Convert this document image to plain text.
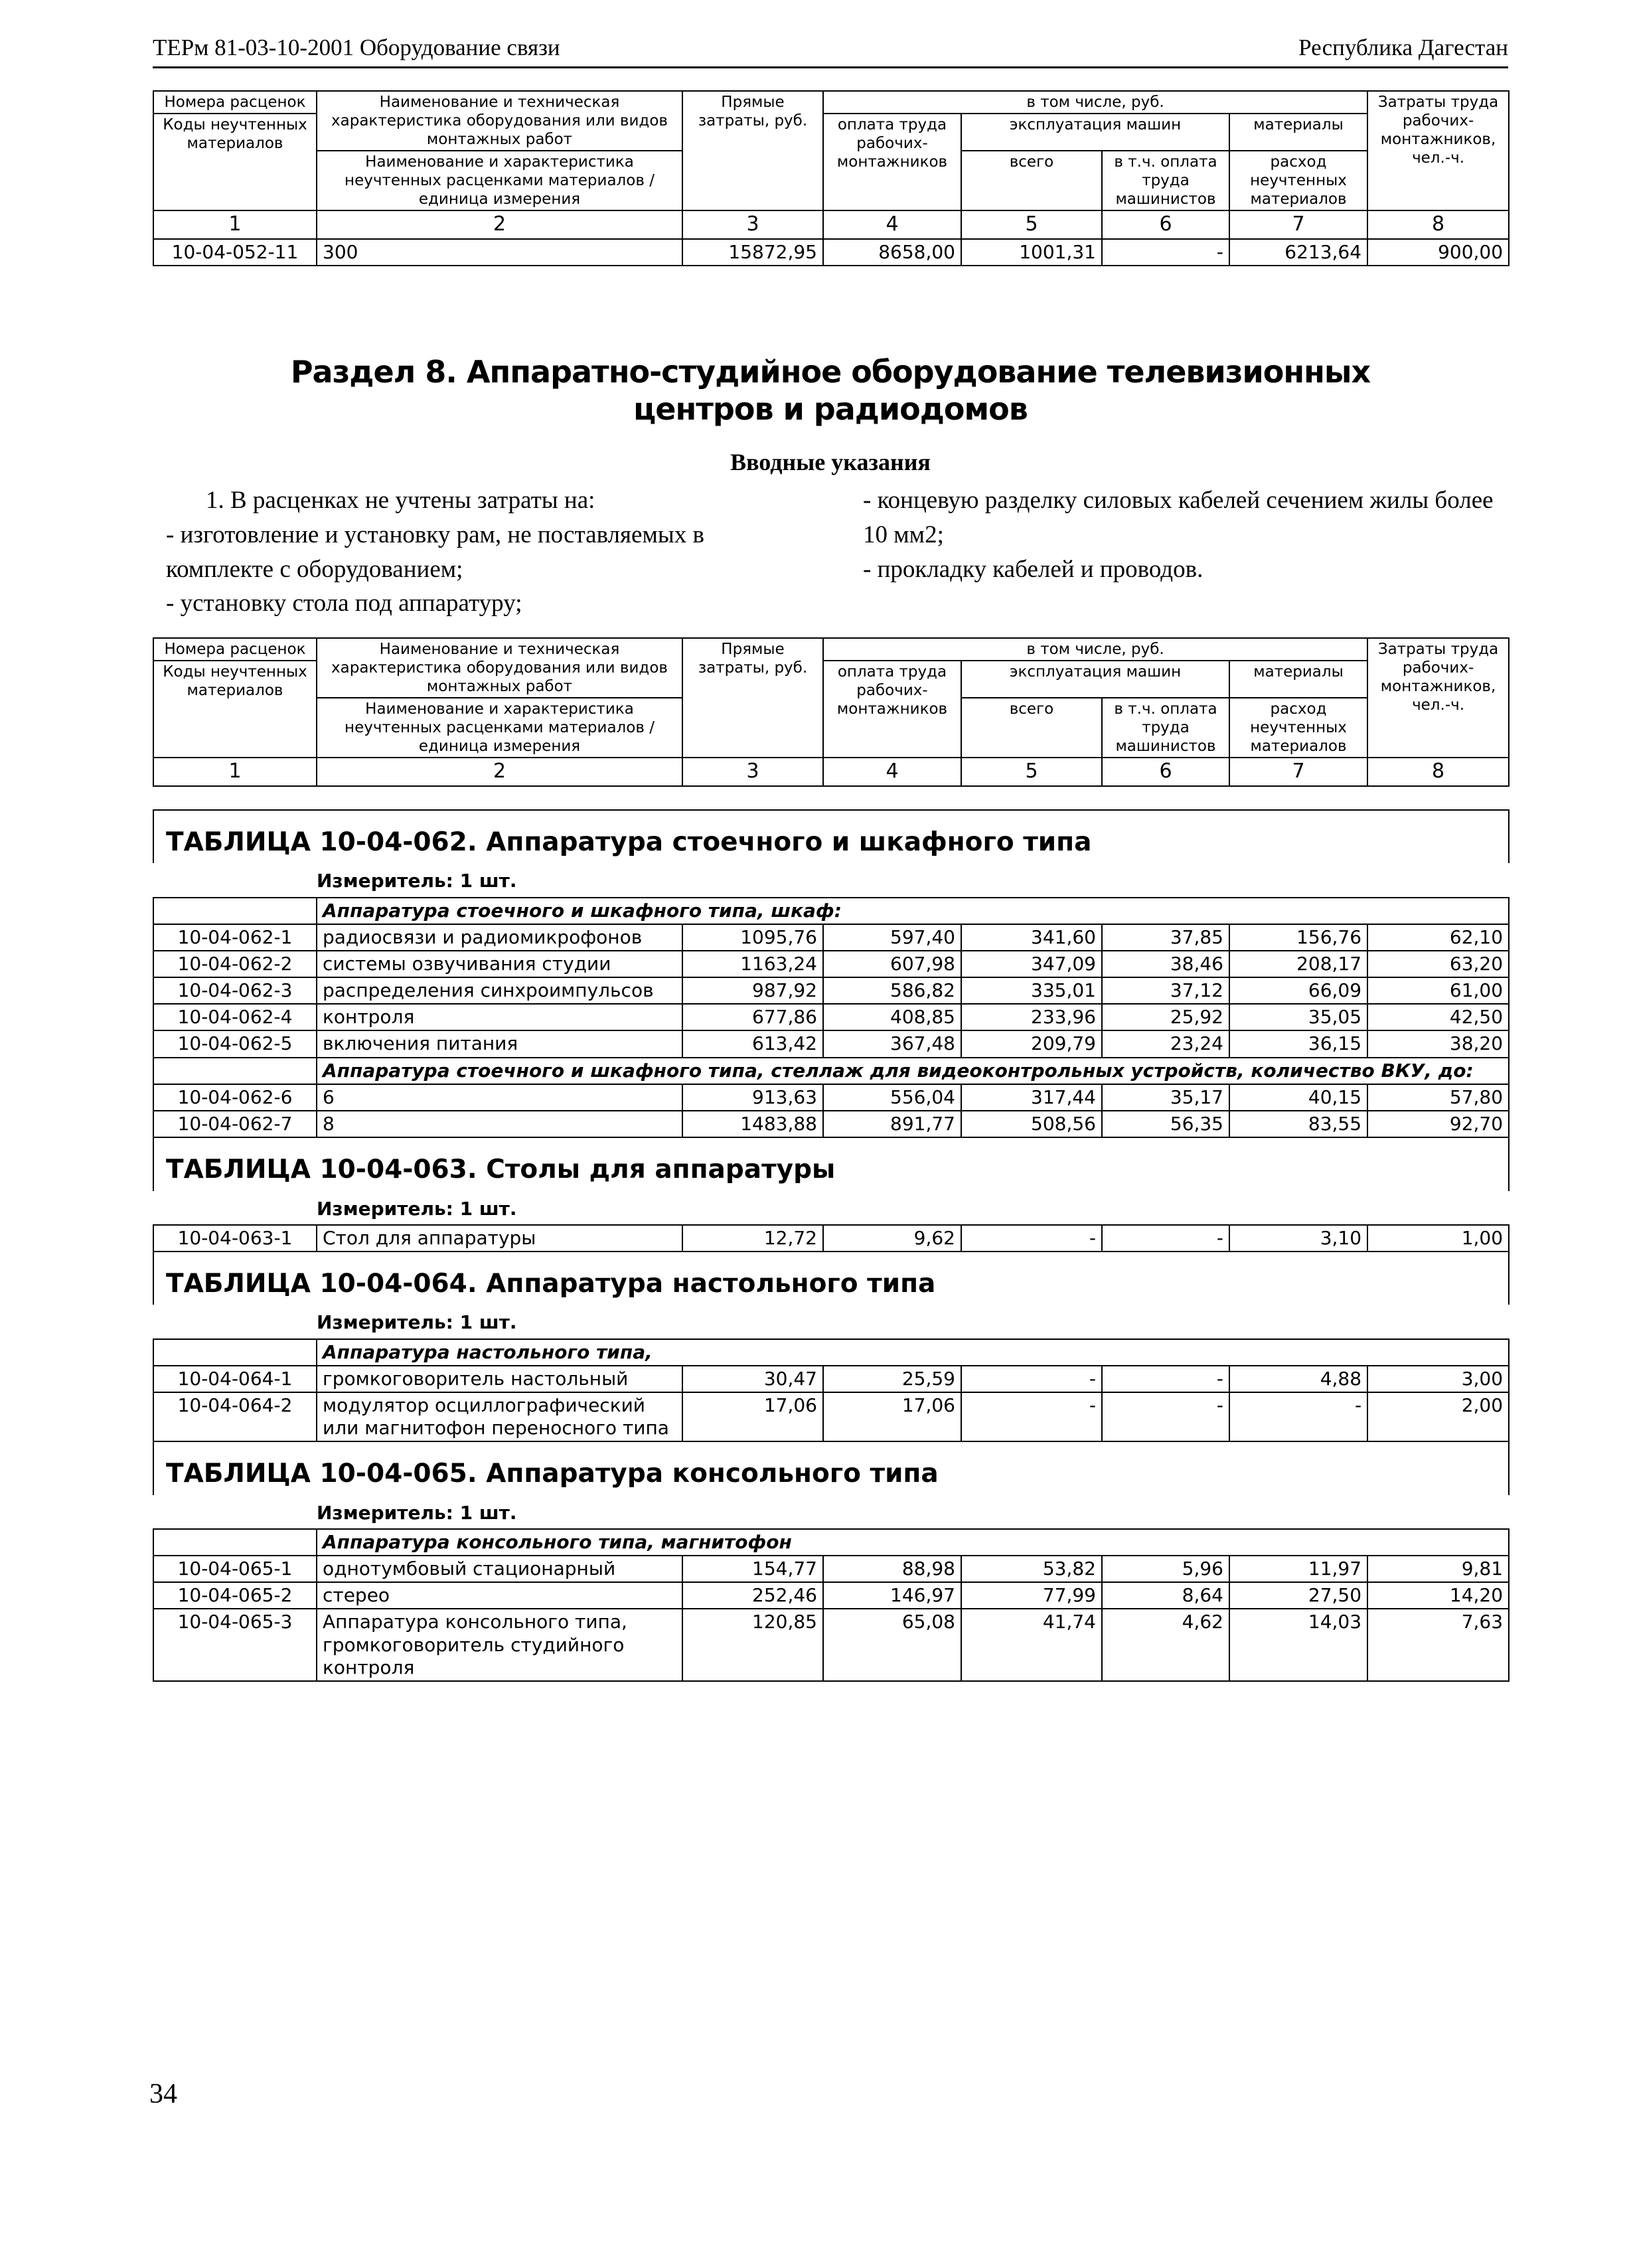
ТЕРм 81-03-10-2001 Оборудование связи	Республика Дагестан
Номера расценок	Наименование и техническая характеристика оборудования или видов монтажных работ	Прямые затраты, руб.	в том числе, руб.				Затраты труда рабочих-монтажников, чел.-ч.
Коды неучтенных материалов			оплата труда рабочих-монтажников	эксплуатация машин		материалы	
	Наименование и характеристика неучтенных расценками материалов / единица измерения			всего	в т.ч. оплата труда машинистов	расход неучтенных материалов	

1	2	3	4	5	6	7	8
10-04-052-11	300	15872,95	8658,00	1001,31	-	6213,64	900,00
Раздел 8. Аппаратно-студийное оборудование телевизионных
центров и радиодомов
Вводные указания

1. В расценках не учтены затраты на:

- изготовление и установку рам, не поставляемых в комплекте с оборудованием;

- установку стола под аппаратуру;

- концевую разделку силовых кабелей сечением жилы более 10 мм2;

- прокладку кабелей и проводов.

Номера расценок	Наименование и техническая характеристика оборудования или видов монтажных работ	Прямые затраты, руб.	в том числе, руб.				Затраты труда рабочих-монтажников, чел.-ч.
Коды неучтенных материалов			оплата труда рабочих-монтажников	эксплуатация машин		материалы	
	Наименование и характеристика неучтенных расценками материалов / единица измерения			всего	в т.ч. оплата труда машинистов	расход неучтенных материалов	

1	2	3	4	5	6	7	8

ТАБЛИЦА 10-04-062. Аппаратура стоечного и шкафного типа							
	Измеритель: 1 шт.						
	Аппаратура стоечного и шкафного типа, шкаф:						
10-04-062-1	радиосвязи и радиомикрофонов	1095,76	597,40	341,60	37,85	156,76	62,10
10-04-062-2	системы озвучивания студии	1163,24	607,98	347,09	38,46	208,17	63,20
10-04-062-3	распределения синхроимпульсов	987,92	586,82	335,01	37,12	66,09	61,00
10-04-062-4	контроля	677,86	408,85	233,96	25,92	35,05	42,50
10-04-062-5	включения питания	613,42	367,48	209,79	23,24	36,15	38,20
	Аппаратура стоечного и шкафного типа, стеллаж для видеоконтрольных устройств, количество ВКУ, до:						
10-04-062-6	6	913,63	556,04	317,44	35,17	40,15	57,80
10-04-062-7	8	1483,88	891,77	508,56	56,35	83,55	92,70
ТАБЛИЦА 10-04-063. Столы для аппаратуры							
	Измеритель: 1 шт.						
10-04-063-1	Стол для аппаратуры	12,72	9,62	-	-	3,10	1,00
ТАБЛИЦА 10-04-064. Аппаратура настольного типа							
	Измеритель: 1 шт.						
	Аппаратура настольного типа,						
10-04-064-1	громкоговоритель настольный	30,47	25,59	-	-	4,88	3,00
10-04-064-2	модулятор осциллографический или магнитофон переносного типа	17,06	17,06	-	-	-	2,00
ТАБЛИЦА 10-04-065. Аппаратура консольного типа							
	Измеритель: 1 шт.						
	Аппаратура консольного типа, магнитофон						
10-04-065-1	однотумбовый стационарный	154,77	88,98	53,82	5,96	11,97	9,81
10-04-065-2	стерео	252,46	146,97	77,99	8,64	27,50	14,20
10-04-065-3	Аппаратура консольного типа, громкоговоритель студийного контроля	120,85	65,08	41,74	4,62	14,03	7,63
34
